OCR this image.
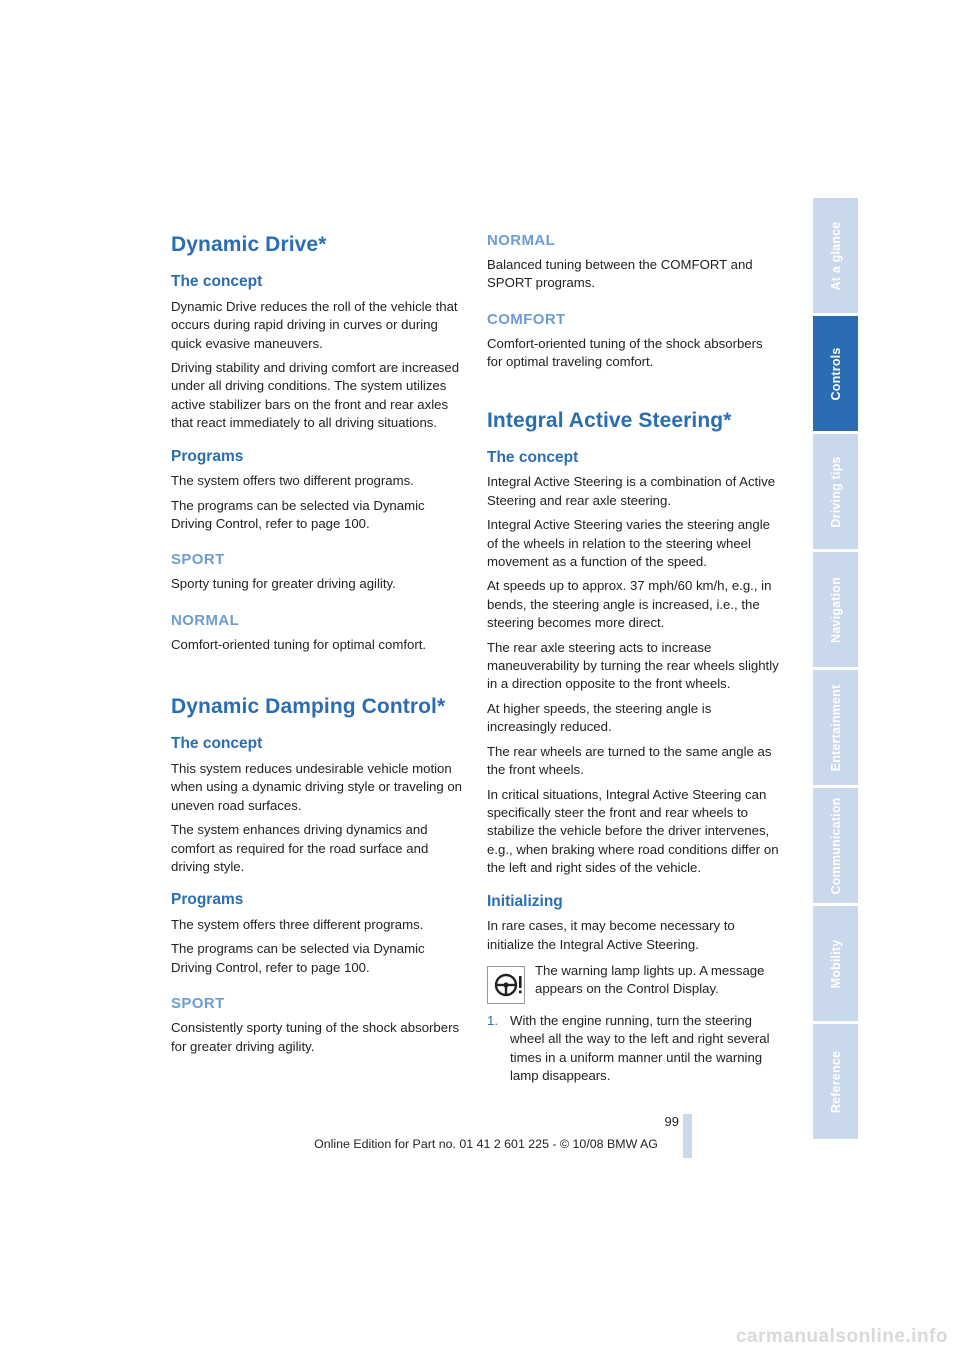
Dynamic Drive*
The concept

Dynamic Drive reduces the roll of the vehicle that occurs during rapid driving in curves or during quick evasive maneuvers.

Driving stability and driving comfort are increased under all driving conditions. The system utilizes active stabilizer bars on the front and rear axles that react immediately to all driving situations.

Programs

The system offers two different programs.

The programs can be selected via Dynamic Driving Control, refer to page 100.

SPORT

Sporty tuning for greater driving agility.

NORMAL

Comfort-oriented tuning for optimal comfort.

Dynamic Damping Control*
The concept

This system reduces undesirable vehicle motion when using a dynamic driving style or traveling on uneven road surfaces.

The system enhances driving dynamics and comfort as required for the road surface and driving style.

Programs

The system offers three different programs.

The programs can be selected via Dynamic Driving Control, refer to page 100.

SPORT

Consistently sporty tuning of the shock absorbers for greater driving agility.

NORMAL

Balanced tuning between the COMFORT and SPORT programs.

COMFORT

Comfort-oriented tuning of the shock absorbers for optimal traveling comfort.

Integral Active Steering*
The concept

Integral Active Steering is a combination of Active Steering and rear axle steering.

Integral Active Steering varies the steering angle of the wheels in relation to the steering wheel movement as a function of the speed.

At speeds up to approx. 37 mph/60 km/h, e.g., in bends, the steering angle is increased, i.e., the steering becomes more direct.

The rear axle steering acts to increase maneuverability by turning the rear wheels slightly in a direction opposite to the front wheels.

At higher speeds, the steering angle is increasingly reduced.

The rear wheels are turned to the same angle as the front wheels.

In critical situations, Integral Active Steering can specifically steer the front and rear wheels to stabilize the vehicle before the driver intervenes, e.g., when braking where road conditions differ on the left and right sides of the vehicle.

Initializing

In rare cases, it may become necessary to initialize the Integral Active Steering.

The warning lamp lights up. A message appears on the Control Display.

1. With the engine running, turn the steering wheel all the way to the left and right several times in a uniform manner until the warning lamp disappears.

At a glance
Controls
Driving tips
Navigation
Entertainment
Communication
Mobility
Reference
99
Online Edition for Part no. 01 41 2 601 225 - © 10/08 BMW AG
carmanualsonline.info
